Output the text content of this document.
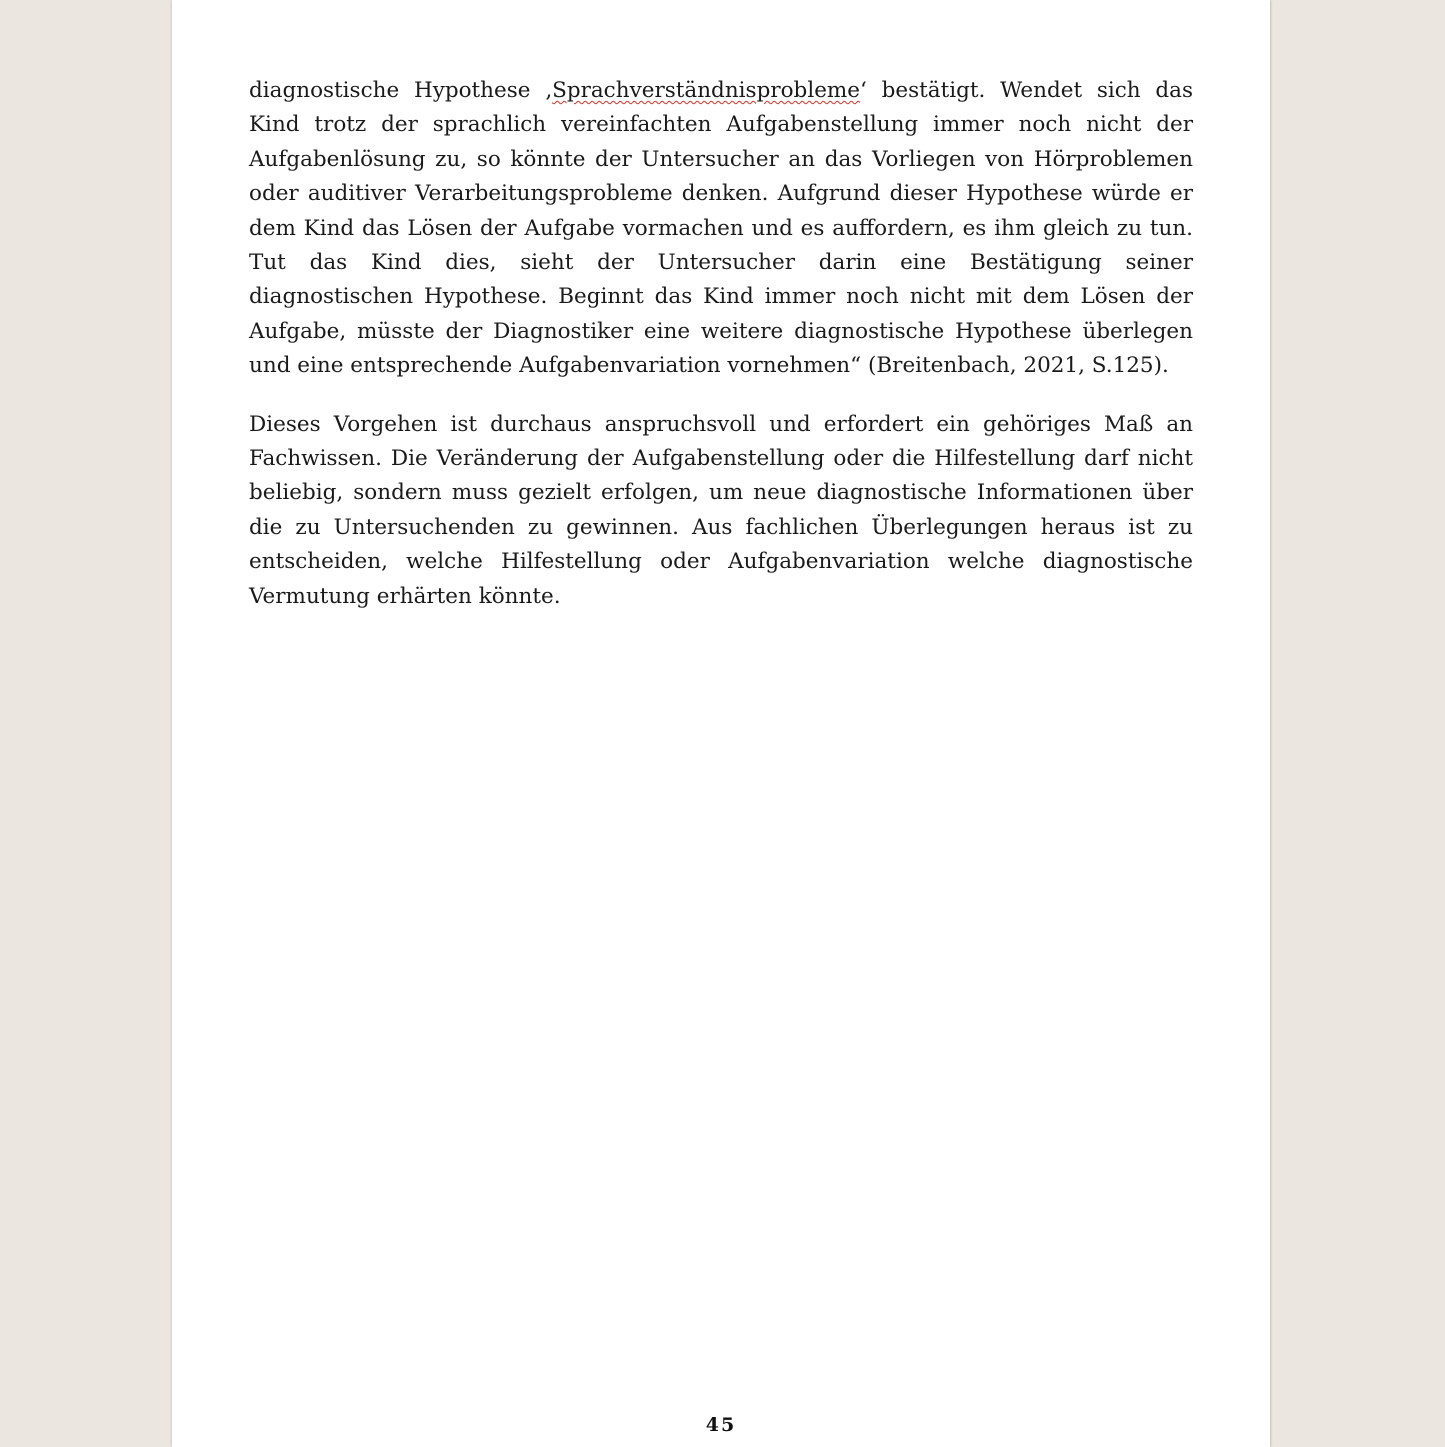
diagnostische Hypothese ‚Sprachverständnisprobleme‘ bestätigt. Wendet sich das Kind trotz der sprachlich vereinfachten Aufgabenstellung immer noch nicht der Aufgabenlösung zu, so könnte der Untersucher an das Vorliegen von Hörproblemen oder auditiver Verarbeitungsprobleme denken. Aufgrund dieser Hypothese würde er dem Kind das Lösen der Aufgabe vormachen und es auffordern, es ihm gleich zu tun. Tut das Kind dies, sieht der Untersucher darin eine Bestätigung seiner diagnostischen Hypothese. Beginnt das Kind immer noch nicht mit dem Lösen der Aufgabe, müsste der Diagnostiker eine weitere diagnostische Hypothese überlegen und eine entsprechende Aufgabenvariation vornehmen“ (Breitenbach, 2021, S.125).

Dieses Vorgehen ist durchaus anspruchsvoll und erfordert ein gehöriges Maß an Fachwissen. Die Veränderung der Aufgabenstellung oder die Hilfestellung darf nicht beliebig, sondern muss gezielt erfolgen, um neue diagnostische Informationen über die zu Untersuchenden zu gewinnen. Aus fachlichen Überlegungen heraus ist zu entscheiden, welche Hilfestellung oder Aufgabenvariation welche diagnostische Vermutung erhärten könnte.

45
